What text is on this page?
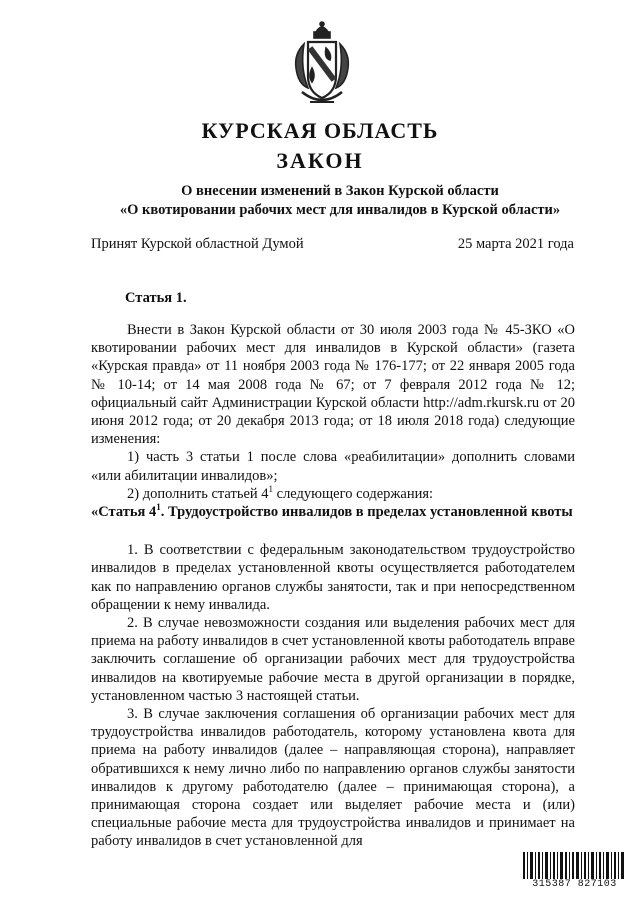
КУРСКАЯ ОБЛАСТЬ
ЗАКОН
О внесении изменений в Закон Курской области
«О квотировании рабочих мест для инвалидов в Курской области»
Принят Курской областной Думой	25 марта 2021 года
Статья 1.

Внести в Закон Курской области от 30 июля 2003 года № 45-ЗКО «О квотировании рабочих мест для инвалидов в Курской области» (газета «Курская правда» от 11 ноября 2003 года № 176-177; от 22 января 2005 года № 10-14; от 14 мая 2008 года № 67; от 7 февраля 2012 года № 12; официальный сайт Администрации Курской области http://adm.rkursk.ru от 20 июня 2012 года; от 20 декабря 2013 года; от 18 июля 2018 года) следующие изменения:

1) часть 3 статьи 1 после слова «реабилитации» дополнить словами «или абилитации инвалидов»;

2) дополнить статьей $4^1$ следующего содержания:

«Статья $4^1$. Трудоустройство инвалидов в пределах установленной квоты

1. В соответствии с федеральным законодательством трудоустройство инвалидов в пределах установленной квоты осуществляется работодателем как по направлению органов службы занятости, так и при непосредственном обращении к нему инвалида.

2. В случае невозможности создания или выделения рабочих мест для приема на работу инвалидов в счет установленной квоты работодатель вправе заключить соглашение об организации рабочих мест для трудоустройства инвалидов на квотируемые рабочие места в другой организации в порядке, установленном частью 3 настоящей статьи.

3. В случае заключения соглашения об организации рабочих мест для трудоустройства инвалидов работодатель, которому установлена квота для приема на работу инвалидов (далее – направляющая сторона), направляет обратившихся к нему лично либо по направлению органов службы занятости инвалидов к другому работодателю (далее – принимающая сторона), а принимающая сторона создает или выделяет рабочие места и (или) специальные рабочие места для трудоустройства инвалидов и принимает на работу инвалидов в счет установленной для

315387 827103
